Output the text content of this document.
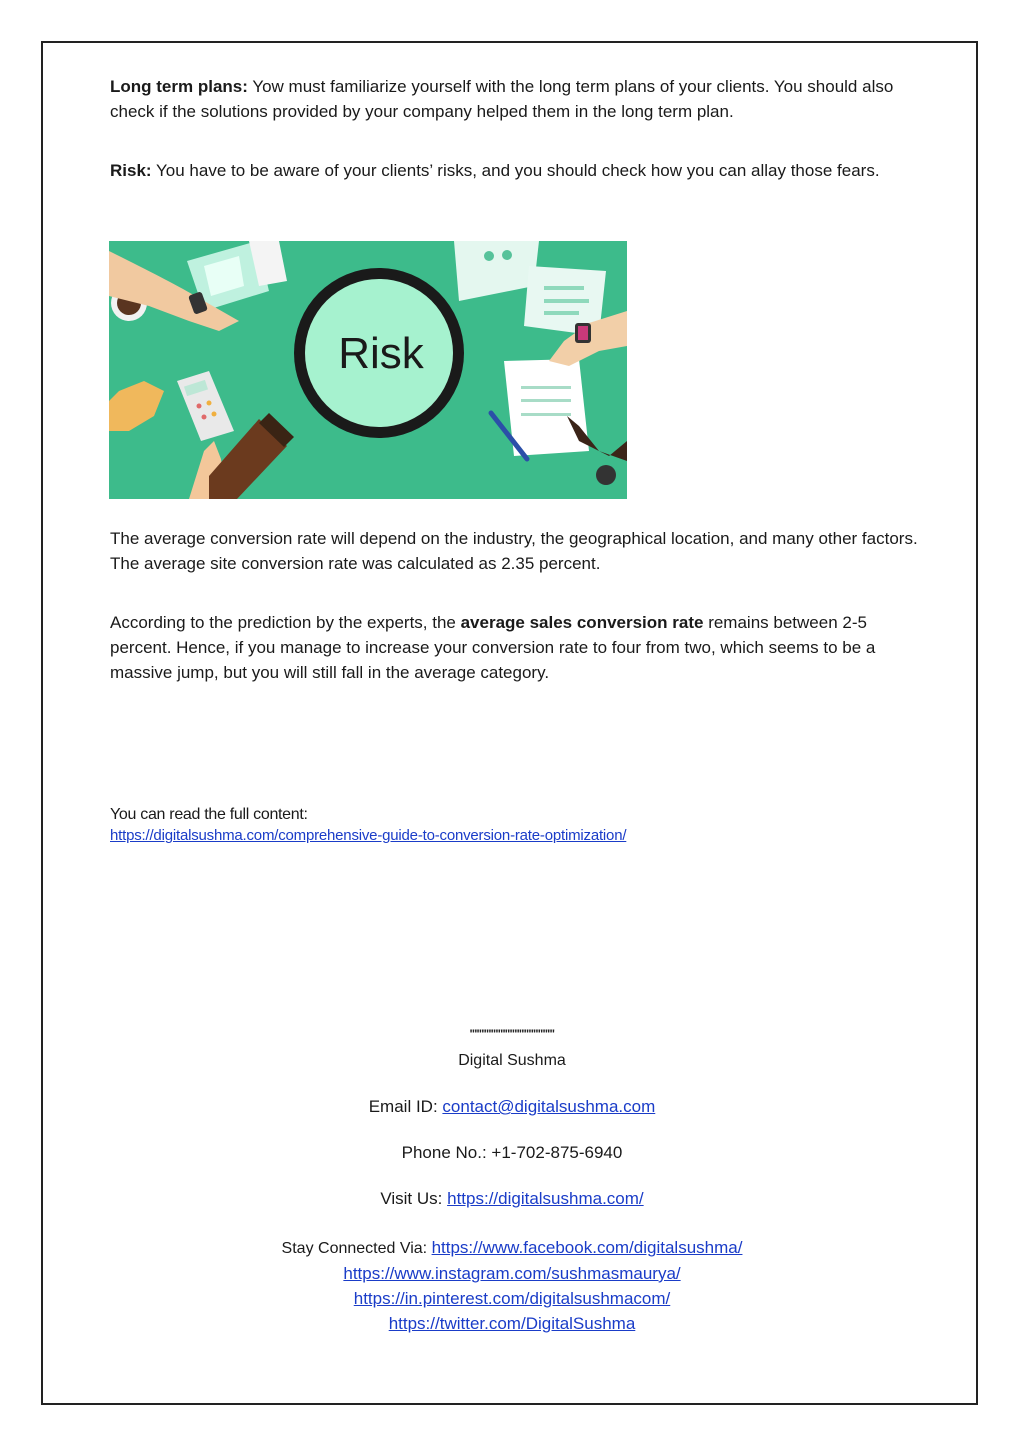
Long term plans: Yow must familiarize yourself with the long term plans of your clients. You should also check if the solutions provided by your company helped them in the long term plan.

Risk: You have to be aware of your clients’ risks, and you should check how you can allay those fears.

Risk

The average conversion rate will depend on the industry, the geographical location, and many other factors. The average site conversion rate was calculated as 2.35 percent.

According to the prediction by the experts, the average sales conversion rate remains between 2-5 percent. Hence, if you manage to increase your conversion rate to four from two, which seems to be a massive jump, but you will still fall in the average category.

You can read the full content:
https://digitalsushma.com/comprehensive-guide-to-conversion-rate-optimization/
''''''''''''''''''''''''''''''''''''
Digital Sushma
Email ID: contact@digitalsushma.com
Phone No.: +1-702-875-6940
Visit Us: https://digitalsushma.com/
Stay Connected Via: https://www.facebook.com/digitalsushma/
https://www.instagram.com/sushmasmaurya/
https://in.pinterest.com/digitalsushmacom/
https://twitter.com/DigitalSushma
